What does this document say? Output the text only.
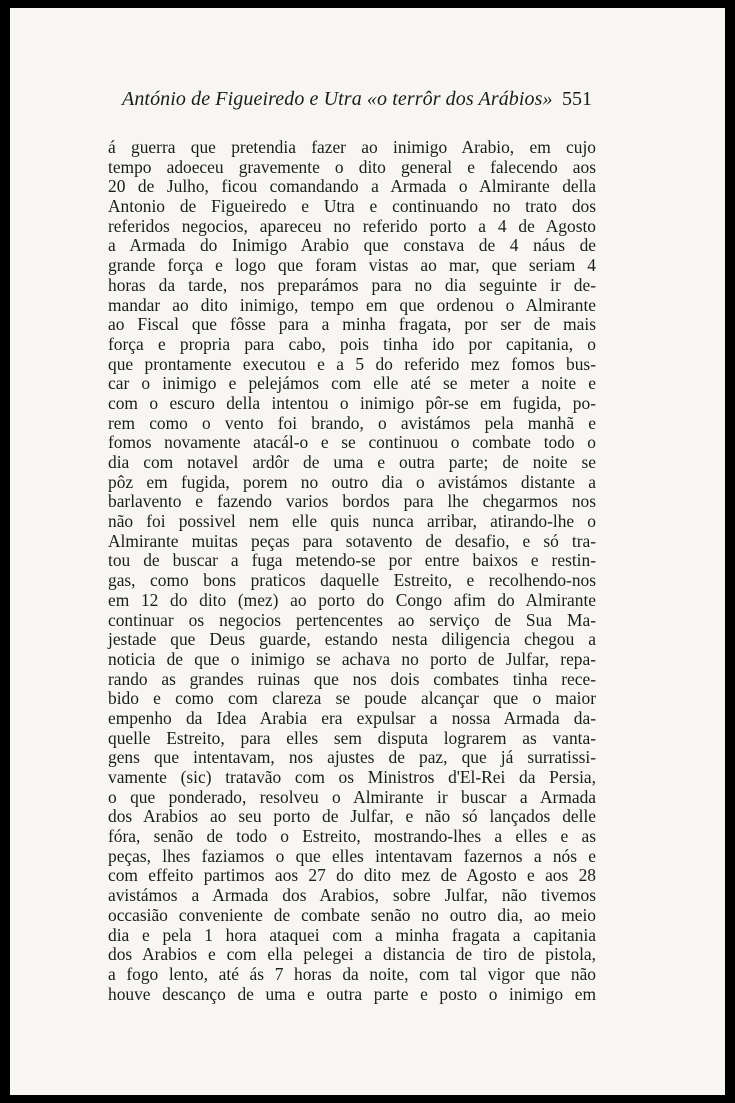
António de Figueiredo e Utra «o terrôr dos Arábios» 551
á guerra que pretendia fazer ao inimigo Arabio, em cujo
tempo adoeceu gravemente o dito general e falecendo aos
20 de Julho, ficou comandando a Armada o Almirante della
Antonio de Figueiredo e Utra e continuando no trato dos
referidos negocios, apareceu no referido porto a 4 de Agosto
a Armada do Inimigo Arabio que constava de 4 náus de
grande força e logo que foram vistas ao mar, que seriam 4
horas da tarde, nos preparámos para no dia seguinte ir de-
mandar ao dito inimigo, tempo em que ordenou o Almirante
ao Fiscal que fôsse para a minha fragata, por ser de mais
força e propria para cabo, pois tinha ido por capitania, o
que prontamente executou e a 5 do referido mez fomos bus-
car o inimigo e pelejámos com elle até se meter a noite e
com o escuro della intentou o inimigo pôr-se em fugida, po-
rem como o vento foi brando, o avistámos pela manhã e
fomos novamente atacál-o e se continuou o combate todo o
dia com notavel ardôr de uma e outra parte; de noite se
pôz em fugida, porem no outro dia o avistámos distante a
barlavento e fazendo varios bordos para lhe chegarmos nos
não foi possivel nem elle quis nunca arribar, atirando-lhe o
Almirante muitas peças para sotavento de desafio, e só tra-
tou de buscar a fuga metendo-se por entre baixos e restin-
gas, como bons praticos daquelle Estreito, e recolhendo-nos
em 12 do dito (mez) ao porto do Congo afim do Almirante
continuar os negocios pertencentes ao serviço de Sua Ma-
jestade que Deus guarde, estando nesta diligencia chegou a
noticia de que o inimigo se achava no porto de Julfar, repa-
rando as grandes ruinas que nos dois combates tinha rece-
bido e como com clareza se poude alcançar que o maior
empenho da Idea Arabia era expulsar a nossa Armada da-
quelle Estreito, para elles sem disputa lograrem as vanta-
gens que intentavam, nos ajustes de paz, que já surratissi-
vamente (sic) tratavão com os Ministros d'El-Rei da Persia,
o que ponderado, resolveu o Almirante ir buscar a Armada
dos Arabios ao seu porto de Julfar, e não só lançados delle
fóra, senão de todo o Estreito, mostrando-lhes a elles e as
peças, lhes faziamos o que elles intentavam fazernos a nós e
com effeito partimos aos 27 do dito mez de Agosto e aos 28
avistámos a Armada dos Arabios, sobre Julfar, não tivemos
occasião conveniente de combate senão no outro dia, ao meio
dia e pela 1 hora ataquei com a minha fragata a capitania
dos Arabios e com ella pelegei a distancia de tiro de pistola,
a fogo lento, até ás 7 horas da noite, com tal vigor que não
houve descanço de uma e outra parte e posto o inimigo em
